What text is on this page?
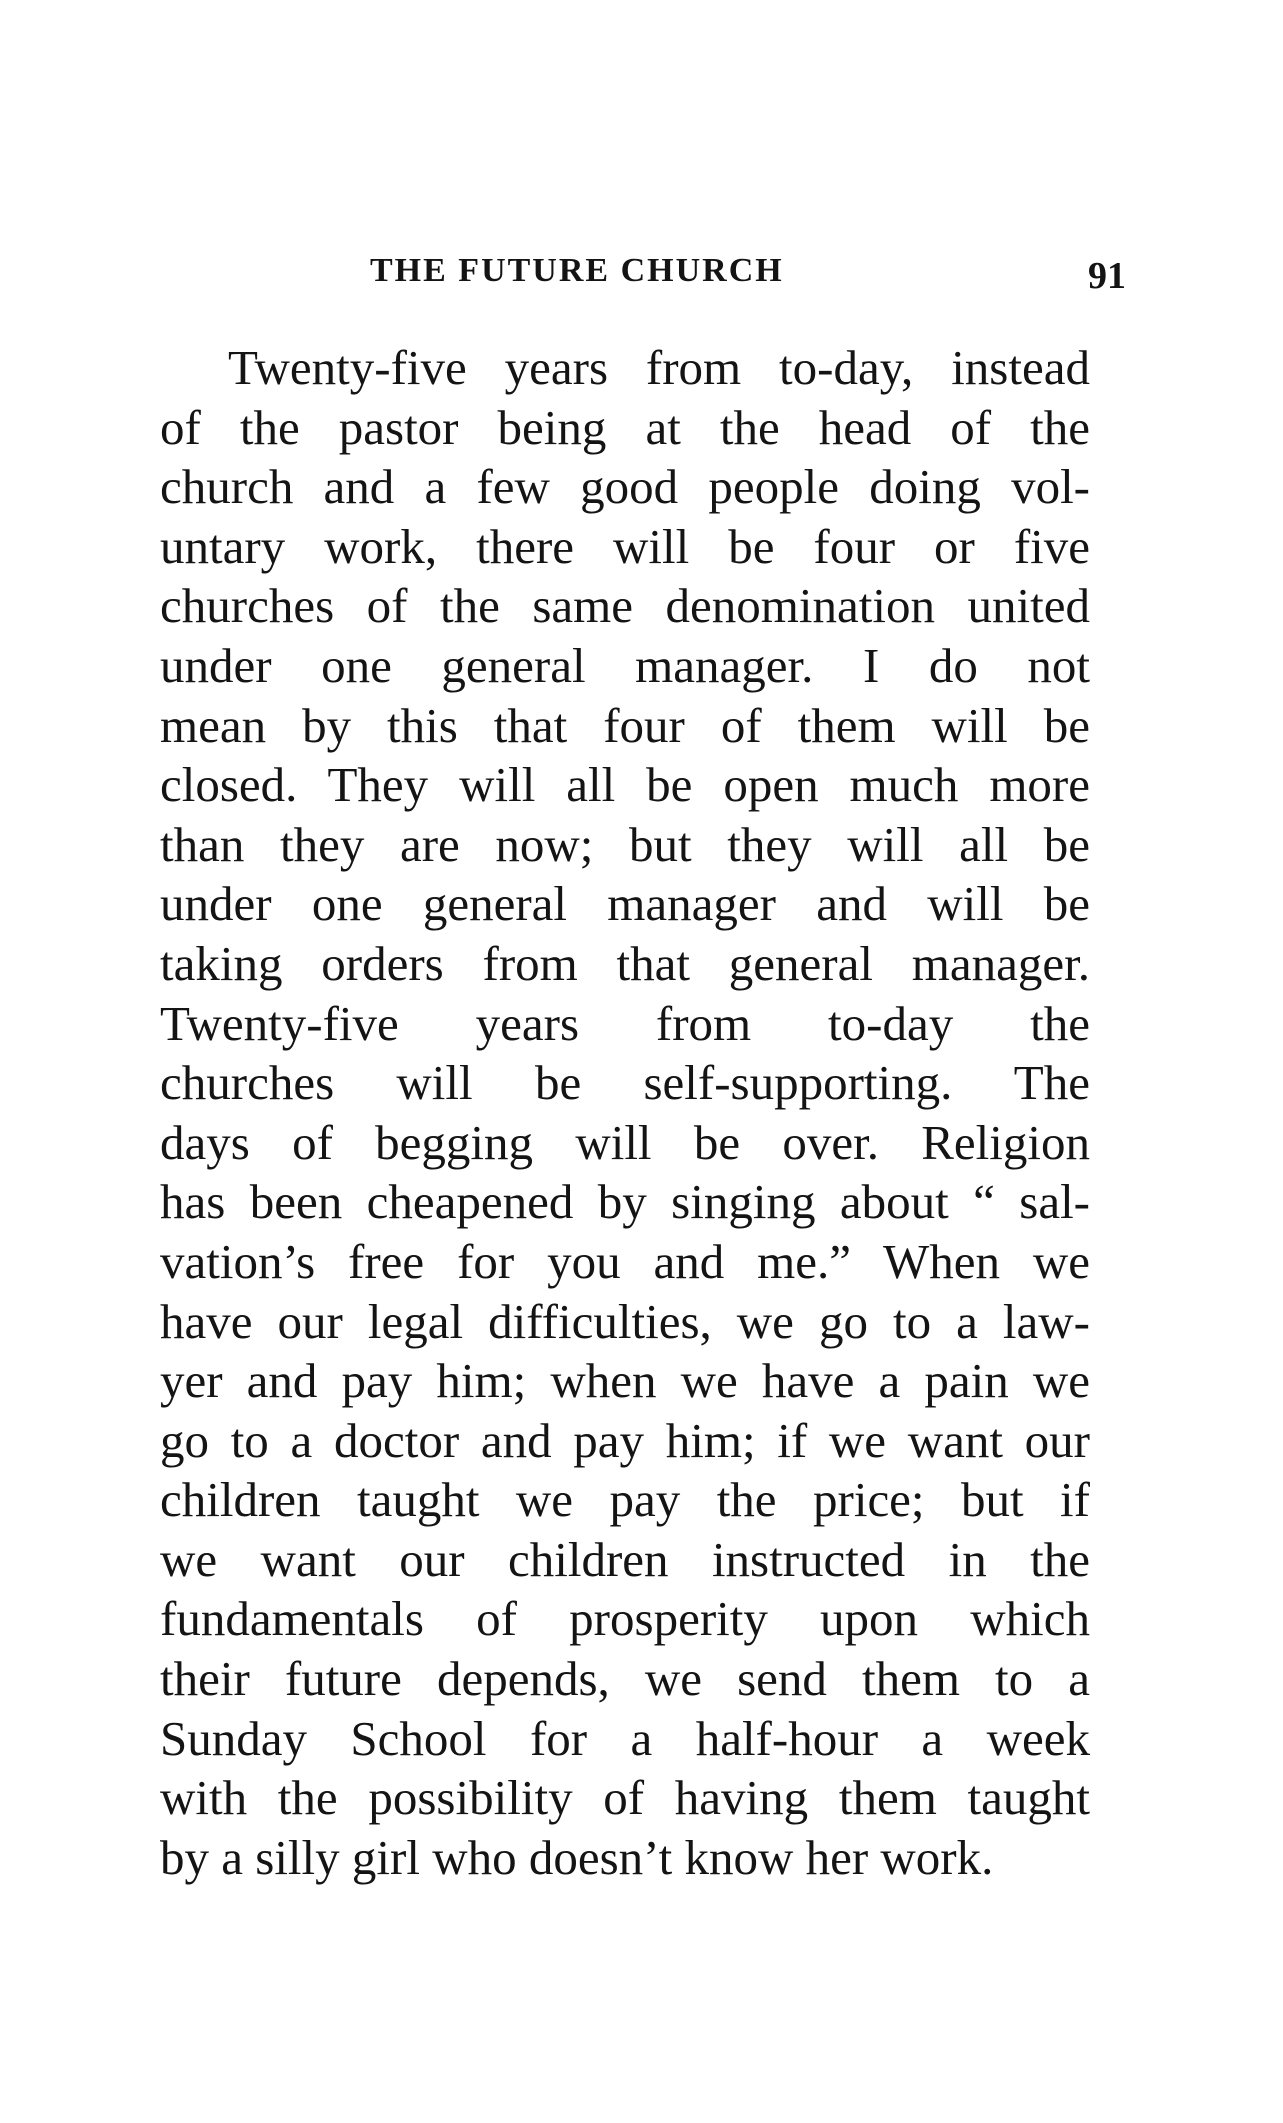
THE FUTURE CHURCH	91
Twenty-five years from to-day, instead
of the pastor being at the head of the
church and a few good people doing vol-
untary work, there will be four or five
churches of the same denomination united
under one general manager. I do not
mean by this that four of them will be
closed. They will all be open much more
than they are now; but they will all be
under one general manager and will be
taking orders from that general manager.
Twenty-five years from to-day the
churches will be self-supporting. The
days of begging will be over. Religion
has been cheapened by singing about “ sal-
vation’s free for you and me.” When we
have our legal difficulties, we go to a law-
yer and pay him; when we have a pain we
go to a doctor and pay him; if we want our
children taught we pay the price; but if
we want our children instructed in the
fundamentals of prosperity upon which
their future depends, we send them to a
Sunday School for a half-hour a week
with the possibility of having them taught
by a silly girl who doesn’t know her work.
